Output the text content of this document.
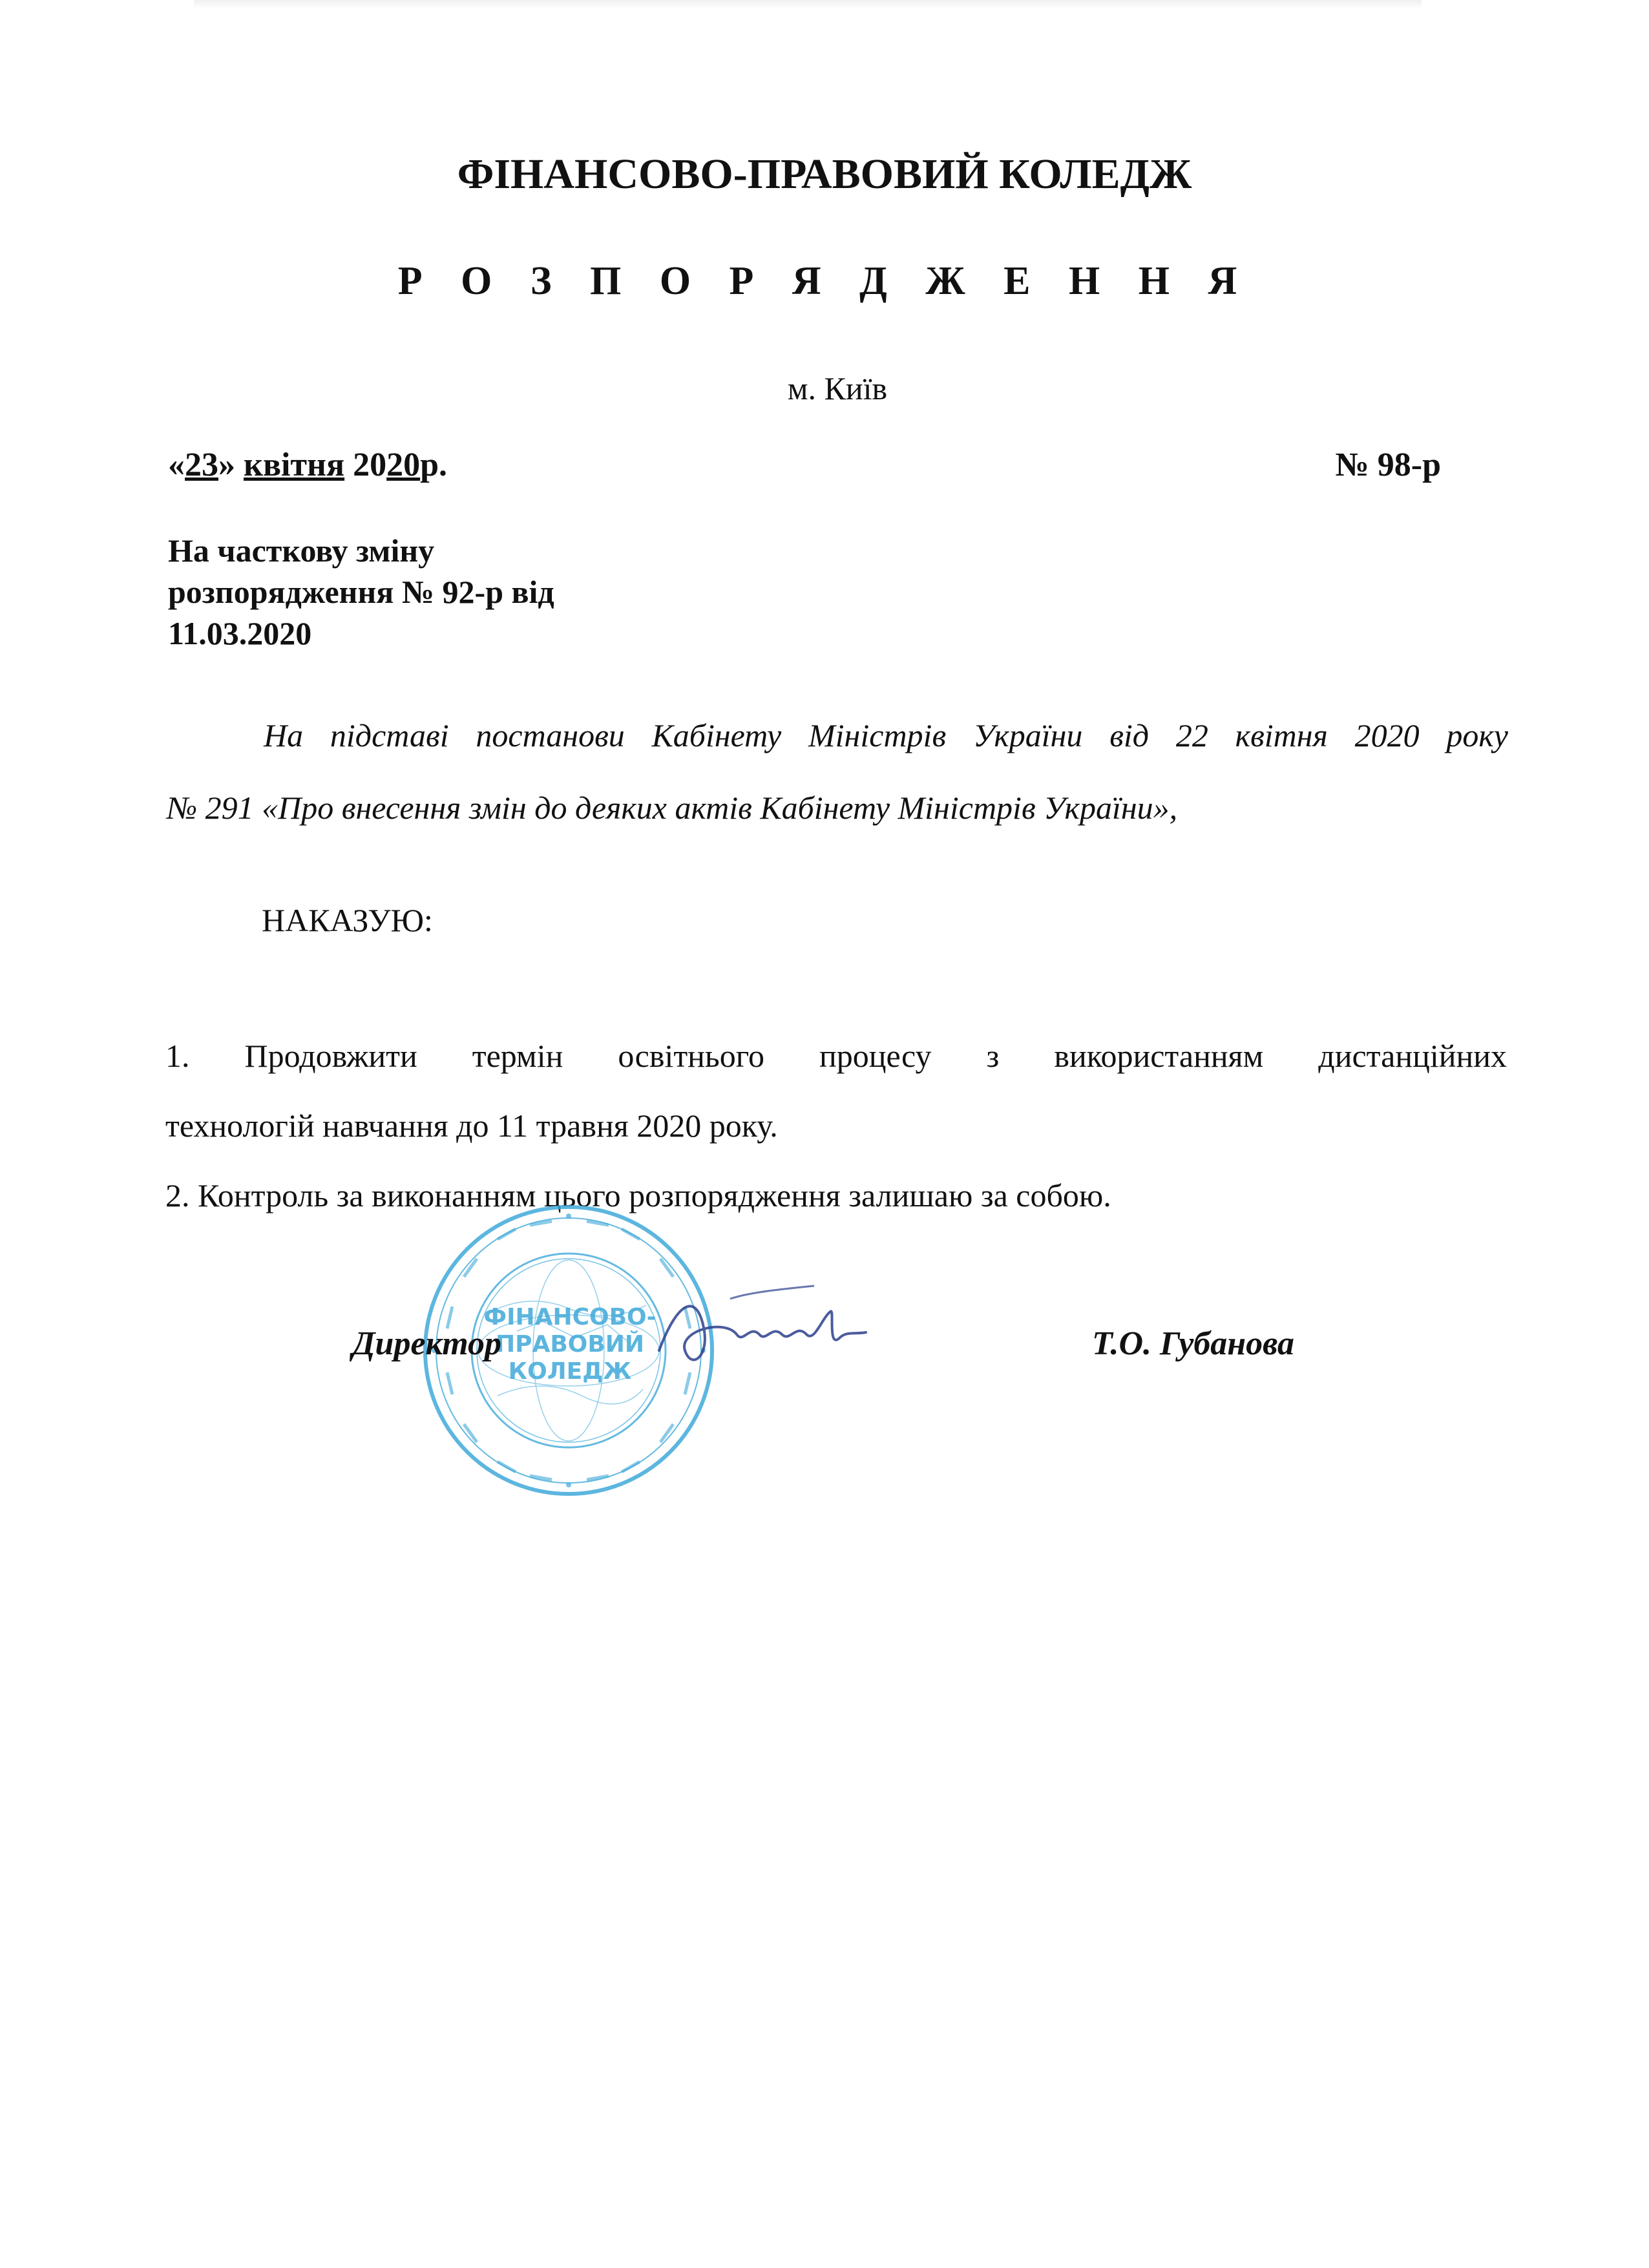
ФІНАНСОВО-ПРАВОВИЙ КОЛЕДЖ
Р О З П О Р Я Д Ж Е Н Н Я
м. Київ
«23» квітня 2020р.	№ 98-р
На часткову зміну
розпорядження № 92-р від
11.03.2020
На підставі постанови Кабінету Міністрів України від 22 квітня 2020 року
№ 291 «Про внесення змін до деяких актів Кабінету Міністрів України»,
НАКАЗУЮ:
1. Продовжити термін освітнього процесу з використанням дистанційних
технологій навчання до 11 травня 2020 року.
2. Контроль за виконанням цього розпорядження залишаю за собою.
ФІНАНСОВО-
ПРАВОВИЙ
КОЛЕДЖ
Директор	Т.О. Губанова
